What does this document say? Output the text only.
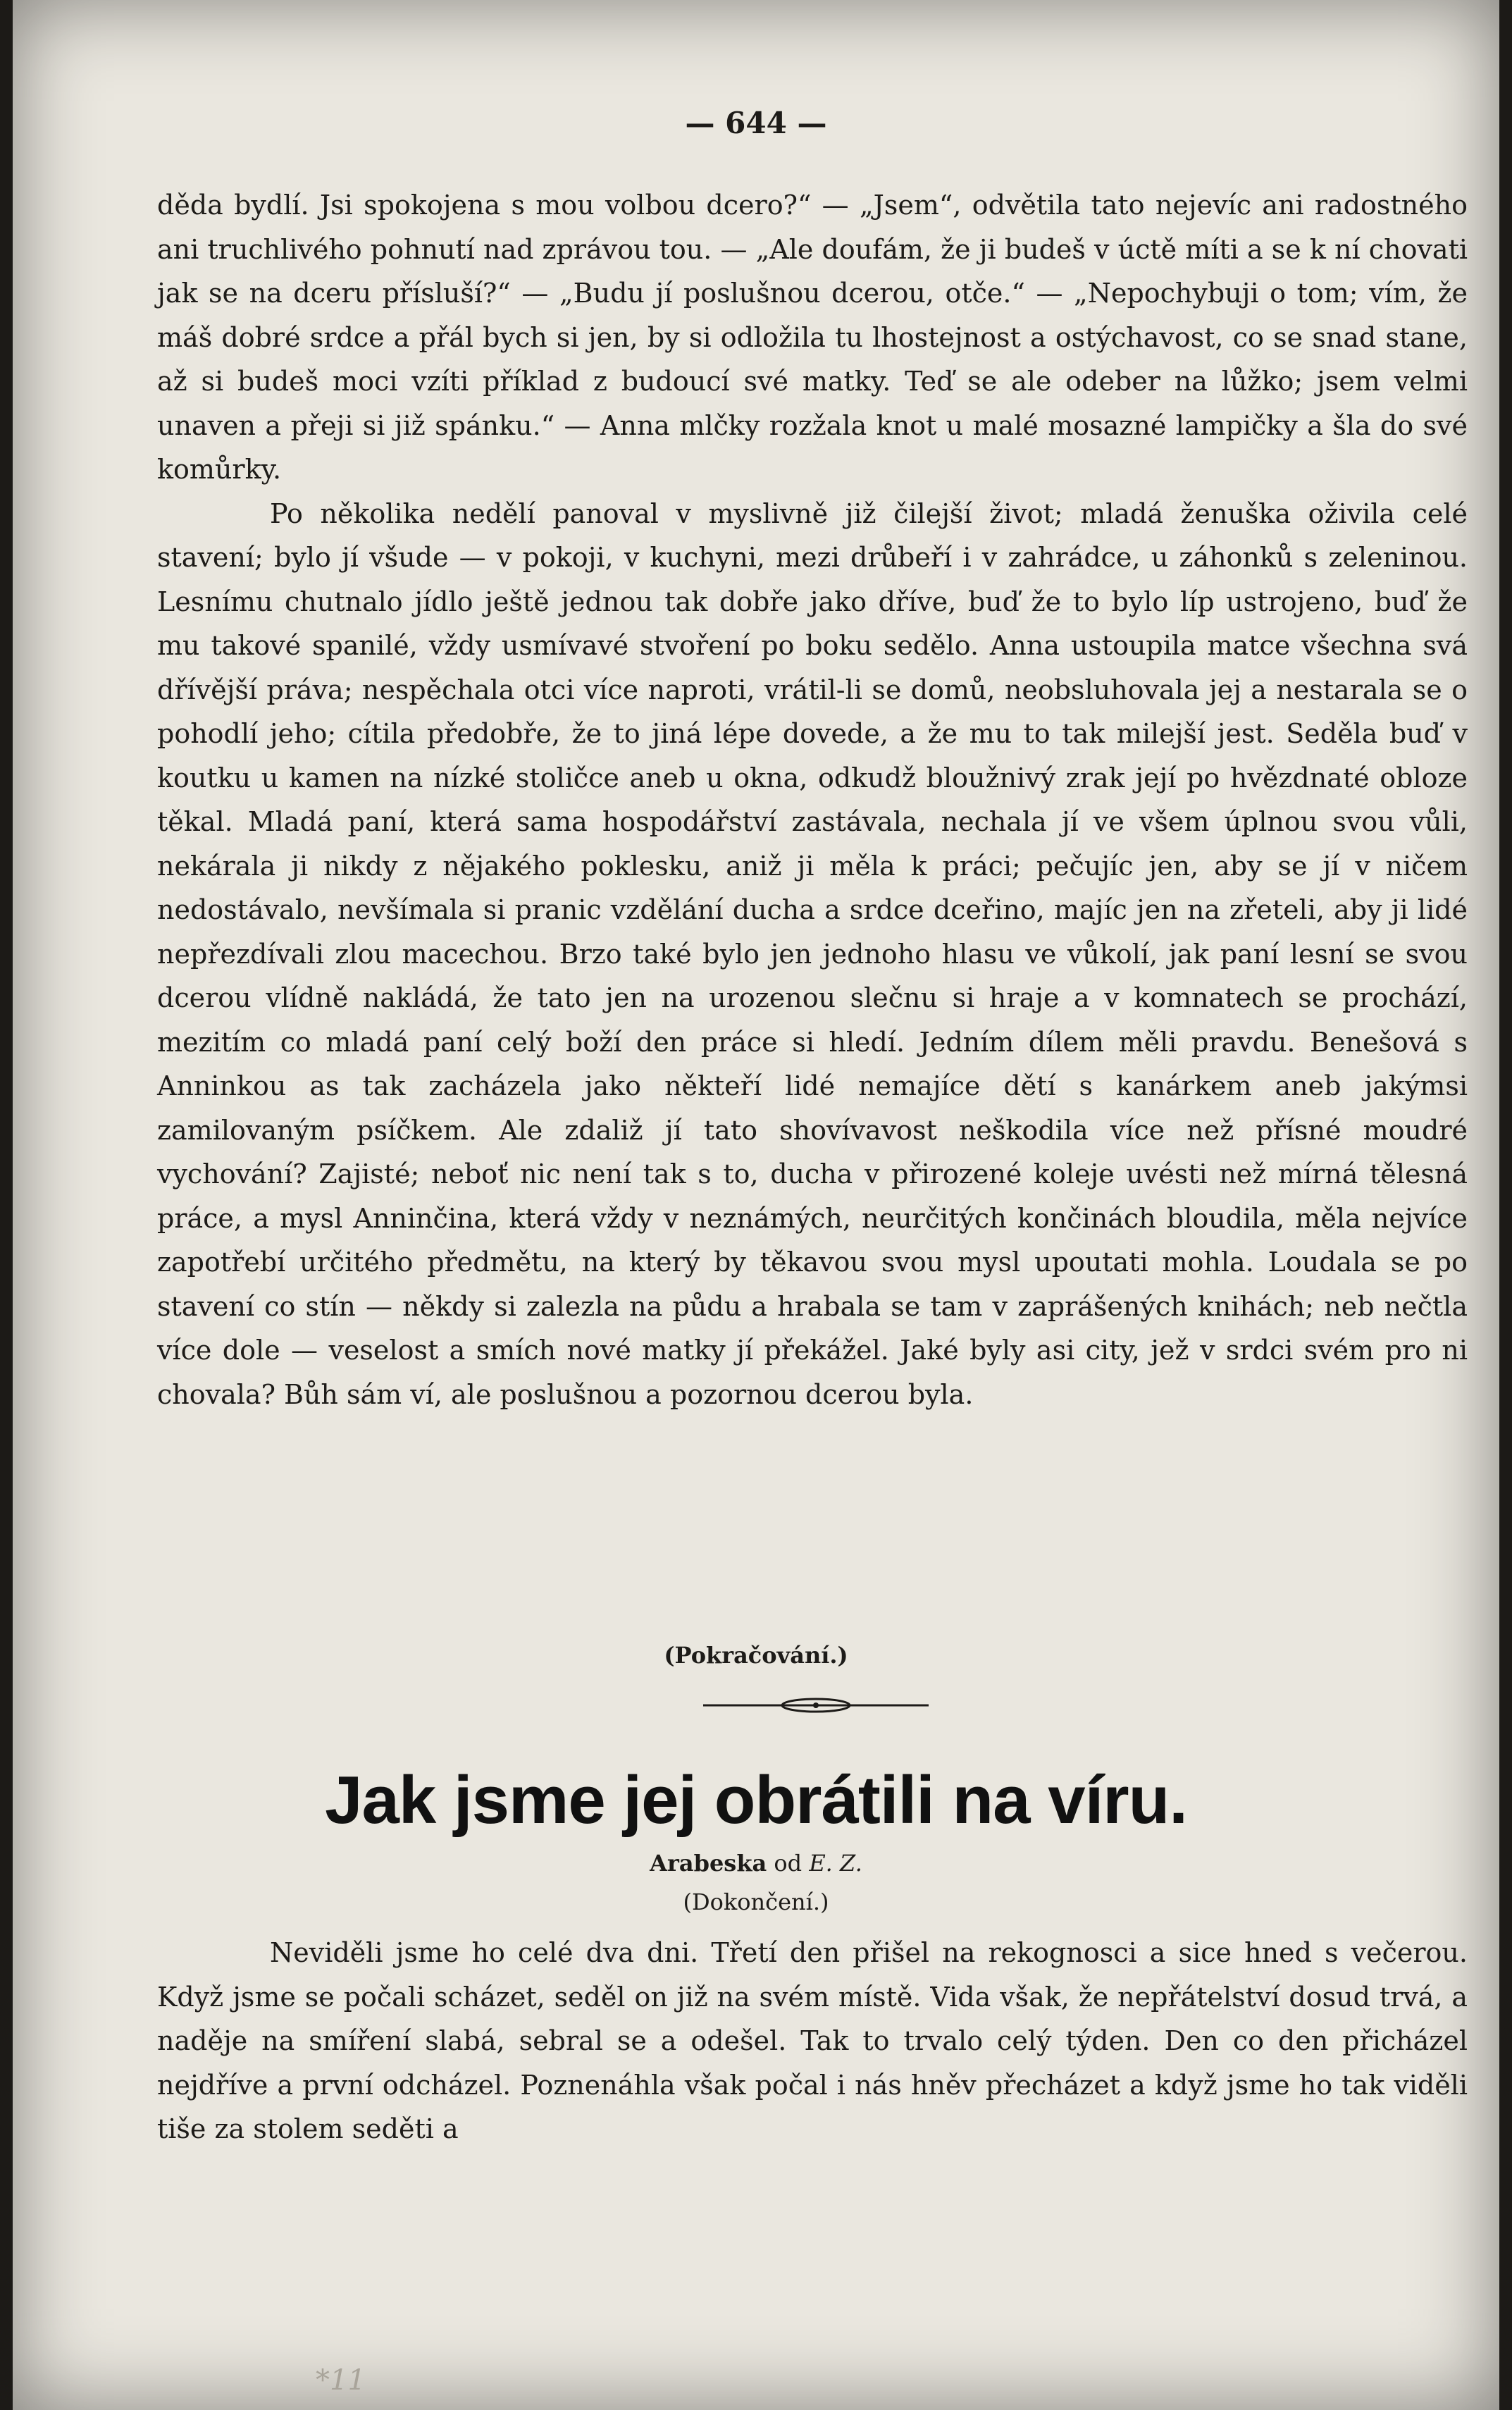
— 644 —

děda bydlí. Jsi spokojena s mou volbou dcero?“ — „Jsem“, odvětila tato nejevíc ani radostného ani truchlivého pohnutí nad zprávou tou. — „Ale doufám, že ji budeš v úctě míti a se k ní chovati jak se na dceru přísluší?“ — „Budu jí poslušnou dcerou, otče.“ — „Nepochybuji o tom; vím, že máš dobré srdce a přál bych si jen, by si odložila tu lhostejnost a ostýchavost, co se snad stane, až si budeš moci vzíti příklad z budoucí své matky. Teď se ale odeber na lůžko; jsem velmi unaven a přeji si již spánku.“ — Anna mlčky rozžala knot u malé mosazné lampičky a šla do své komůrky.

Po několika nedělí panoval v myslivně již čilejší život; mladá ženuška oživila celé stavení; bylo jí všude — v pokoji, v kuchyni, mezi drůbeří i v zahrádce, u záhonků s zeleninou. Lesnímu chutnalo jídlo ještě jednou tak dobře jako dříve, buď že to bylo líp ustrojeno, buď že mu takové spanilé, vždy usmívavé stvoření po boku sedělo. Anna ustoupila matce všechna svá dřívější práva; nespěchala otci více naproti, vrátil-li se domů, neobsluhovala jej a nestarala se o pohodlí jeho; cítila předobře, že to jiná lépe dovede, a že mu to tak milejší jest. Seděla buď v koutku u kamen na nízké stoličce aneb u okna, odkudž bloužnivý zrak její po hvězdnaté obloze těkal. Mladá paní, která sama hospodářství zastávala, nechala jí ve všem úplnou svou vůli, nekárala ji nikdy z nějakého poklesku, aniž ji měla k práci; pečujíc jen, aby se jí v ničem nedostávalo, nevšímala si pranic vzdělání ducha a srdce dceřino, majíc jen na zřeteli, aby ji lidé nepřezdívali zlou macechou. Brzo také bylo jen jednoho hlasu ve vůkolí, jak paní lesní se svou dcerou vlídně nakládá, že tato jen na urozenou slečnu si hraje a v komnatech se prochází, mezitím co mladá paní celý boží den práce si hledí. Jedním dílem měli pravdu. Benešová s Anninkou as tak zacházela jako někteří lidé nemajíce dětí s kanárkem aneb jakýmsi zamilovaným psíčkem. Ale zdaliž jí tato shovívavost neškodila více než přísné moudré vychování? Zajisté; neboť nic není tak s to, ducha v přirozené koleje uvésti než mírná tělesná práce, a mysl Anninčina, která vždy v neznámých, neurčitých končinách bloudila, měla nejvíce zapotřebí určitého předmětu, na který by těkavou svou mysl upoutati mohla. Loudala se po stavení co stín — někdy si zalezla na půdu a hrabala se tam v zaprášených knihách; neb nečtla více dole — veselost a smích nové matky jí překážel. Jaké byly asi city, jež v srdci svém pro ni chovala? Bůh sám ví, ale poslušnou a pozornou dcerou byla.

(Pokračování.)
Jak jsme jej obrátili na víru.
Arabeska od E. Z.
(Dokončení.)

Neviděli jsme ho celé dva dni. Třetí den přišel na rekognosci a sice hned s večerou. Když jsme se počali scházet, seděl on již na svém místě. Vida však, že nepřátelství dosud trvá, a naděje na smíření slabá, sebral se a odešel. Tak to trvalo celý týden. Den co den přicházel nejdříve a první odcházel. Poznenáhla však počal i nás hněv přecházet a když jsme ho tak viděli tiše za stolem seděti a

*11
